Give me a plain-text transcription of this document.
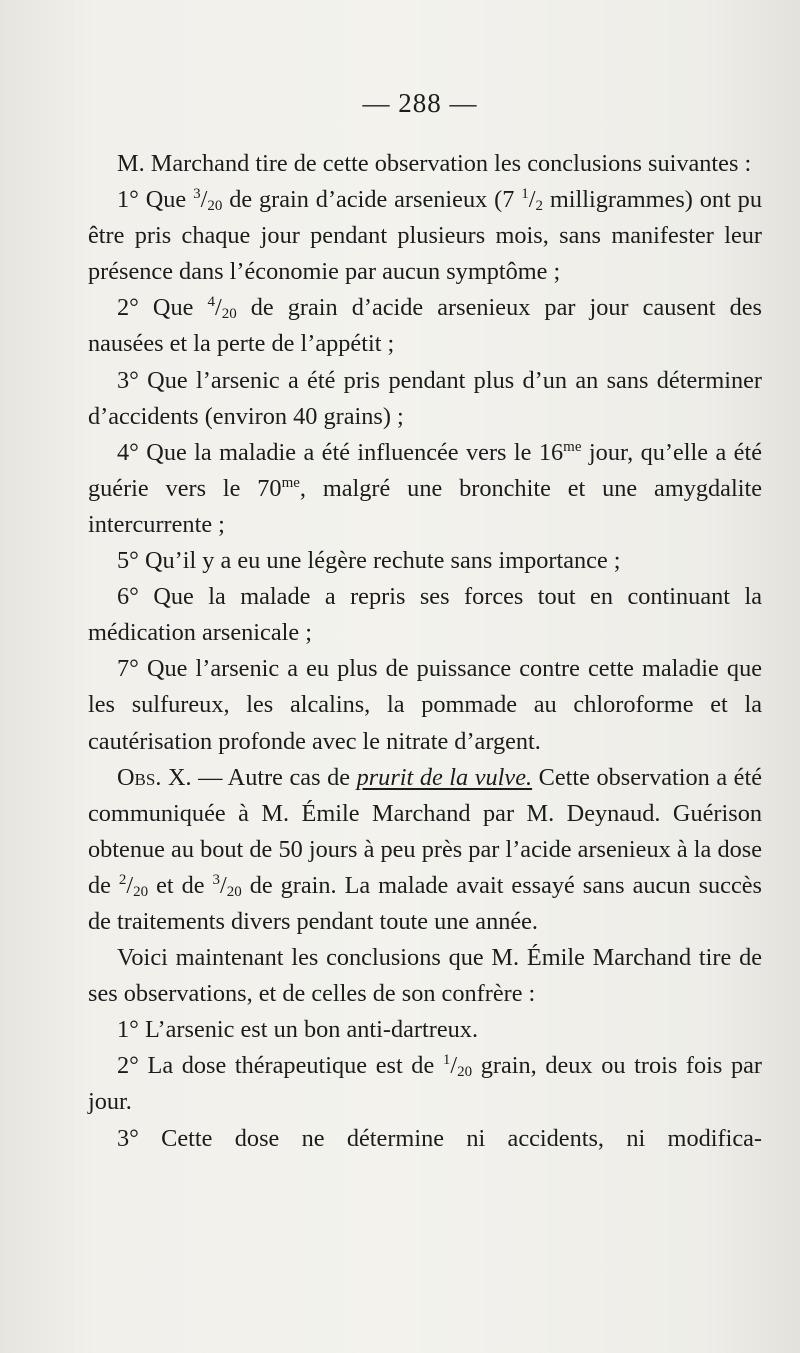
— 288 —

M. Marchand tire de cette observation les conclusions suivantes :

1° Que $^3/_{20}$ de grain d’acide arsenieux (7 $^1/_2$ milligrammes) ont pu être pris chaque jour pendant plusieurs mois, sans manifester leur présence dans l’économie par aucun symptôme ;

2° Que $^4/_{20}$ de grain d’acide arsenieux par jour causent des nausées et la perte de l’appétit ;

3° Que l’arsenic a été pris pendant plus d’un an sans déterminer d’accidents (environ 40 grains) ;

4° Que la maladie a été influencée vers le $16^{me}$ jour, qu’elle a été guérie vers le $70^{me}$, malgré une bronchite et une amygdalite intercurrente ;

5° Qu’il y a eu une légère rechute sans importance ;

6° Que la malade a repris ses forces tout en continuant la médication arsenicale ;

7° Que l’arsenic a eu plus de puissance contre cette maladie que les sulfureux, les alcalins, la pommade au chloroforme et la cautérisation profonde avec le nitrate d’argent.

Obs. X. — Autre cas de prurit de la vulve. Cette observation a été communiquée à M. Émile Marchand par M. Deynaud. Guérison obtenue au bout de 50 jours à peu près par l’acide arsenieux à la dose de $^2/_{20}$ et de $^3/_{20}$ de grain. La malade avait essayé sans aucun succès de traitements divers pendant toute une année.

Voici maintenant les conclusions que M. Émile Marchand tire de ses observations, et de celles de son confrère :

1° L’arsenic est un bon anti-dartreux.

2° La dose thérapeutique est de $^1/_{20}$ grain, deux ou trois fois par jour.

3° Cette dose ne détermine ni accidents, ni modifica-
